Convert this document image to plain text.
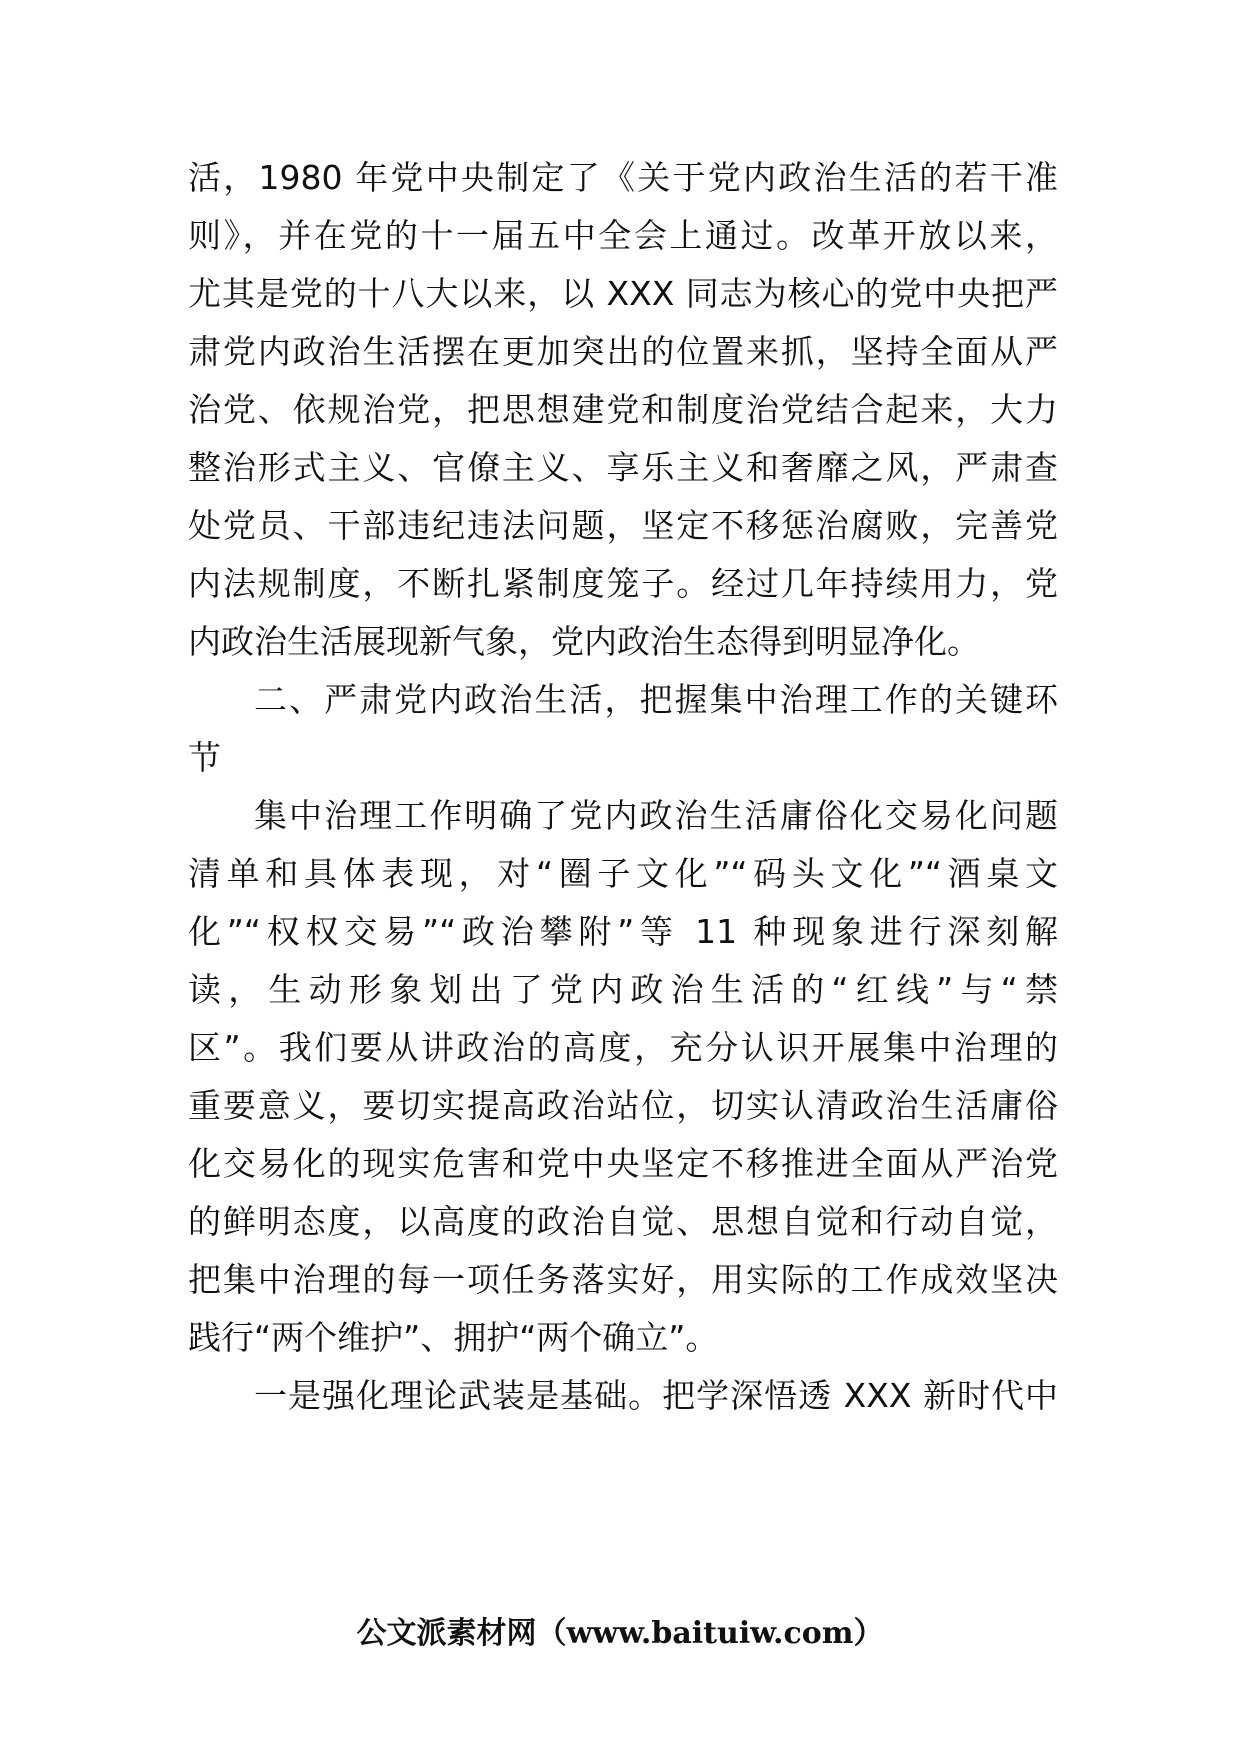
活，1980 年党中央制定了《关于党内政治生活的若干准
则》，并在党的十一届五中全会上通过。改革开放以来，
尤其是党的十八大以来，以 XXX 同志为核心的党中央把严
肃党内政治生活摆在更加突出的位置来抓，坚持全面从严
治党、依规治党，把思想建党和制度治党结合起来，大力
整治形式主义、官僚主义、享乐主义和奢靡之风，严肃查
处党员、干部违纪违法问题，坚定不移惩治腐败，完善党
内法规制度，不断扎紧制度笼子。经过几年持续用力，党
内政治生活展现新气象，党内政治生态得到明显净化。
二、严肃党内政治生活，把握集中治理工作的关键环
节
集中治理工作明确了党内政治生活庸俗化交易化问题
清单和具体表现，对“圈子文化”“码头文化”“酒桌文
化”“权权交易”“政治攀附”等 11 种现象进行深刻解
读，生动形象划出了党内政治生活的“红线”与“禁
区”。我们要从讲政治的高度，充分认识开展集中治理的
重要意义，要切实提高政治站位，切实认清政治生活庸俗
化交易化的现实危害和党中央坚定不移推进全面从严治党
的鲜明态度，以高度的政治自觉、思想自觉和行动自觉，
把集中治理的每一项任务落实好，用实际的工作成效坚决
践行“两个维护”、拥护“两个确立”。
一是强化理论武装是基础。把学深悟透 XXX 新时代中
公文派素材网（www.baituiw.com）
